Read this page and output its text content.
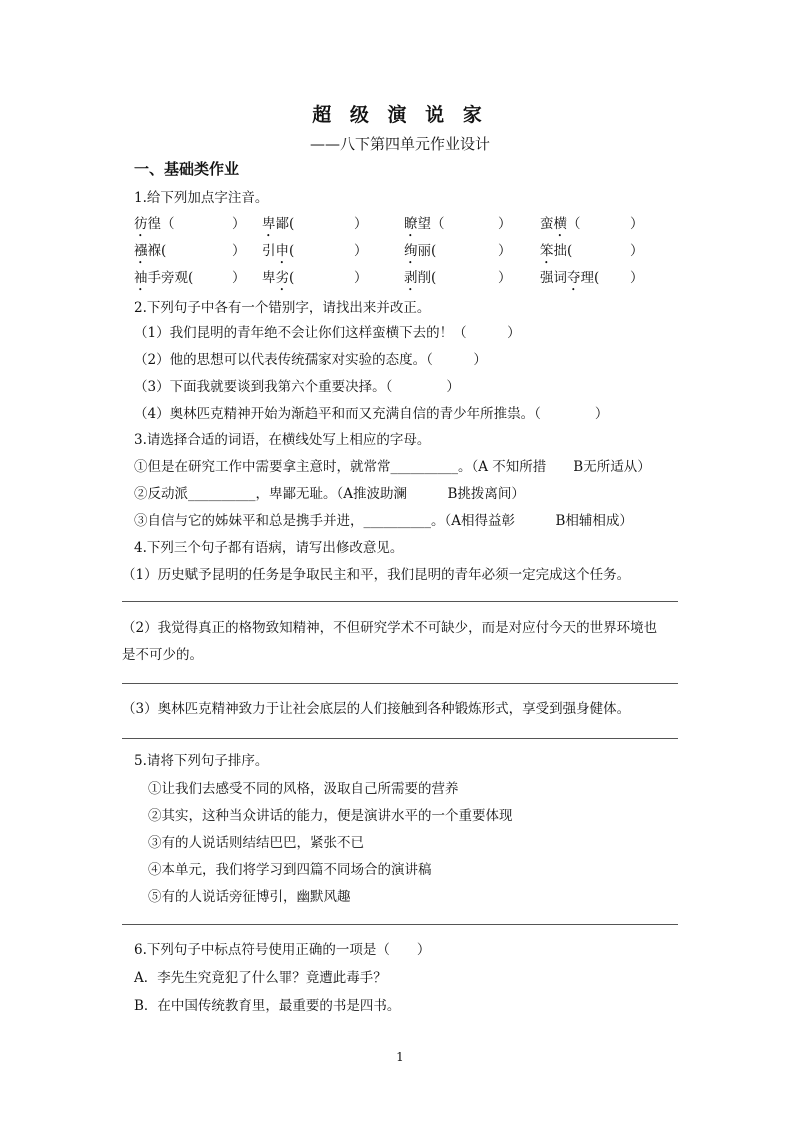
超 级 演 说 家
——八下第四单元作业设计
一、基础类作业
1.给下列加点字注音。
彷徨（	） 卑鄙(	）	瞭望（	） 蛮横（	）
襁褓(	） 引申(	）	绚丽(	） 笨拙(	）
袖手旁观(	） 卑劣(	）	剥削(	） 强词夺理( ）
2.下列句子中各有一个错别字，请找出来并改正。
（1）我们昆明的青年绝不会让你们这样蛮横下去的！（　　　）
（2）他的思想可以代表传统孺家对实验的态度。（　　　）
（3）下面我就要谈到我第六个重要决择。（　　　　）
（4）奥林匹克精神开始为渐趋平和而又充满自信的青少年所推祟。（　　　　）
3.请选择合适的词语，在横线处写上相应的字母。
①但是在研究工作中需要拿主意时，就常常__________。（A 不知所措　　B无所适从）
②反动派__________，卑鄙无耻。（A推波助澜　　　B挑拨离间）
③自信与它的姊妹平和总是携手并进，__________。（A相得益彰　　　B相辅相成）
4.下列三个句子都有语病，请写出修改意见。
（1）历史赋予昆明的任务是争取民主和平，我们昆明的青年必须一定完成这个任务。
（2）我觉得真正的格物致知精神，不但研究学术不可缺少，而是对应付今天的世界环境也
是不可少的。
（3）奥林匹克精神致力于让社会底层的人们接触到各种锻炼形式，享受到强身健体。
5.请将下列句子排序。
①让我们去感受不同的风格，汲取自己所需要的营养
②其实，这种当众讲话的能力，便是演讲水平的一个重要体现
③有的人说话则结结巴巴，紧张不已
④本单元，我们将学习到四篇不同场合的演讲稿
⑤有的人说话旁征博引，幽默风趣
6.下列句子中标点符号使用正确的一项是（　　）
A．李先生究竟犯了什么罪？竟遭此毒手？
B．在中国传统教育里，最重要的书是四书。
1
